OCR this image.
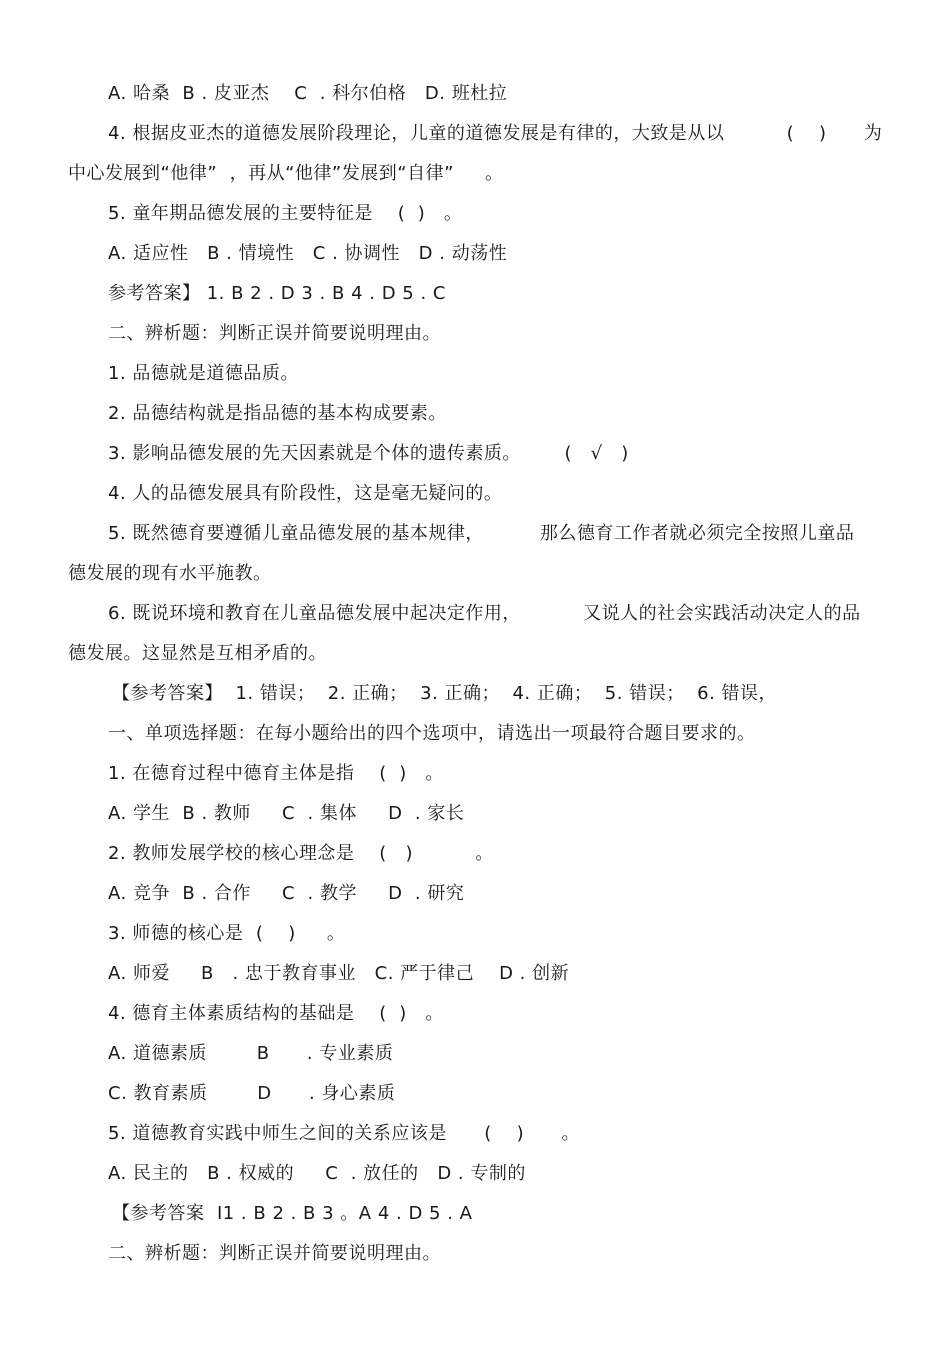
A. 哈桑  B . 皮亚杰    C  . 科尔伯格   D. 班杜拉
4. 根据皮亚杰的道德发展阶段理论，儿童的道德发展是有律的，大致是从以          (    )      为
中心发展到“他律”  ，再从“他律”发展到“自律”     。
5. 童年期品德发展的主要特征是    (  )   。
A. 适应性   B . 情境性   C . 协调性   D . 动荡性
参考答案】 1. B 2 . D 3 . B 4 . D 5 . C
二、辨析题：判断正误并简要说明理由。
1. 品德就是道德品质。
2. 品德结构就是指品德的基本构成要素。
3. 影响品德发展的先天因素就是个体的遗传素质。       (   √   )
4. 人的品德发展具有阶段性，这是毫无疑问的。
5. 既然德育要遵循儿童品德发展的基本规律，         那么德育工作者就必须完全按照儿童品
德发展的现有水平施教。
6. 既说环境和教育在儿童品德发展中起决定作用，          又说人的社会实践活动决定人的品
德发展。这显然是互相矛盾的。
【参考答案】  1. 错误；  2. 正确；  3. 正确；  4. 正确；  5. 错误；  6. 错误，
一、单项选择题：在每小题给出的四个选项中，请选出一项最符合题目要求的。
1. 在德育过程中德育主体是指    (  )   。
A. 学生  B . 教师     C  . 集体     D  . 家长
2. 教师发展学校的核心理念是    (   )          。
A. 竞争  B . 合作     C  . 教学     D  . 研究
3. 师德的核心是  (    )     。
A. 师爱     B   . 忠于教育事业   C. 严于律己    D . 创新
4. 德育主体素质结构的基础是    (  )   。
A. 道德素质        B      . 专业素质
C. 教育素质        D      . 身心素质
5. 道德教育实践中师生之间的关系应该是      (    )      。
A. 民主的   B . 权威的     C  . 放任的   D . 专制的
【参考答案  I1 . B 2 . B 3 。A 4 . D 5 . A
二、辨析题：判断正误并简要说明理由。
